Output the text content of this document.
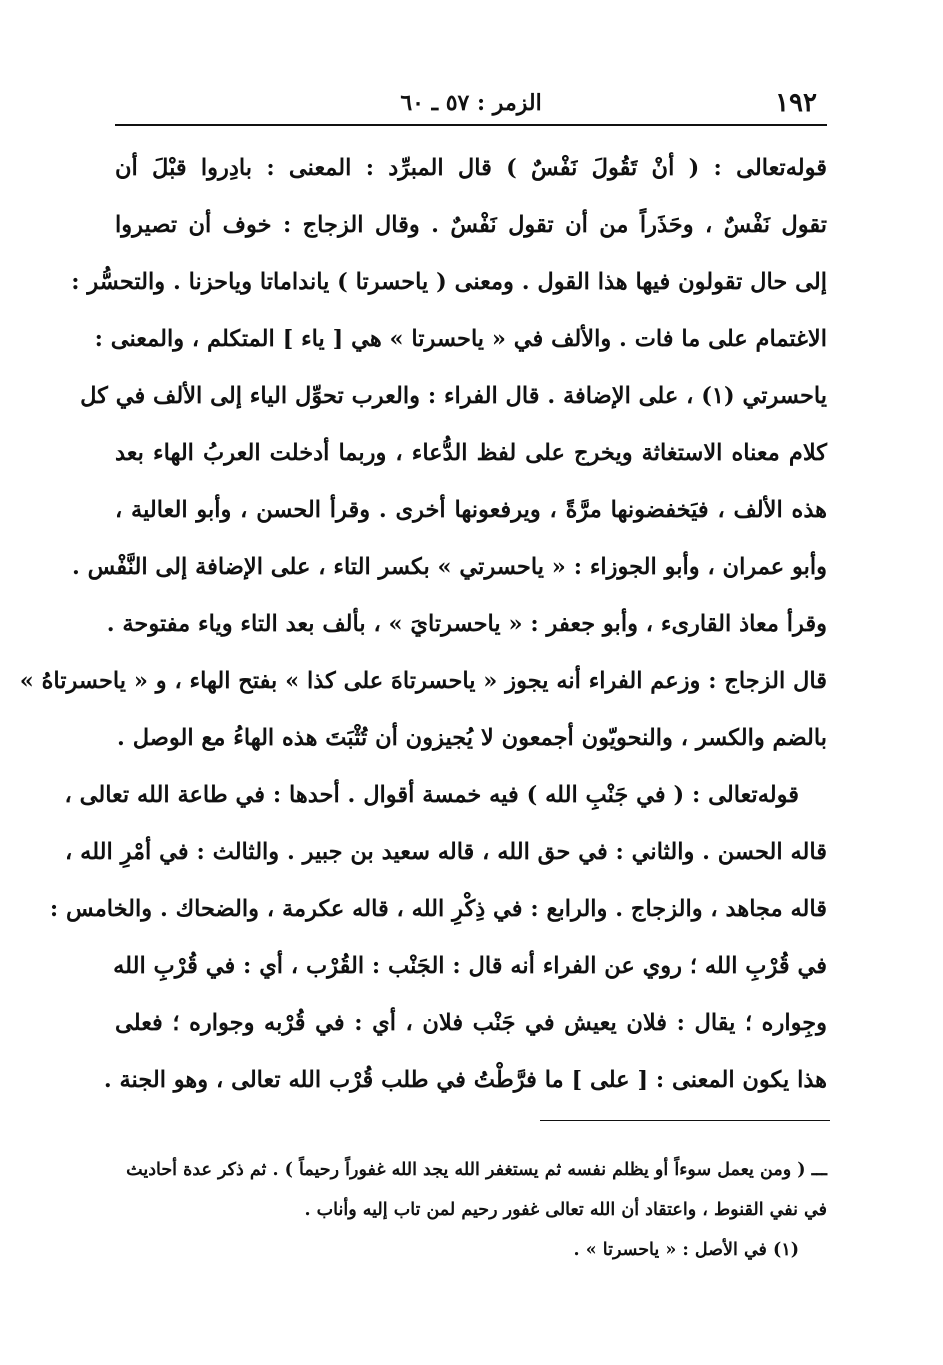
١٩٢
الزمر : ٥٧ ـ ٦٠
قوله‌تعالى : ( أنْ تَقُولَ نَفْسٌ ) قال المبرِّد : المعنى : بادِروا قبْلَ أن
تقول نَفْسٌ ، وحَذَراً من أن تقول نَفْسٌ . وقال الزجاج : خوف أن تصيروا
إلى حال تقولون فيها هذا القول . ومعنى ( ياحسرتا ) يانداماتا وياحزنا . والتحسُّر :
الاغتمام على ما فات . والألف في « ياحسرتا » هي [ ياء ] المتكلم ، والمعنى :
ياحسرتي (١) ، على الإضافة . قال الفراء : والعرب تحوِّل الياء إلى الألف في كل
كلام معناه الاستغاثة ويخرج على لفظ الدُّعاء ، وربما أدخلت العربُ الهاء بعد
هذه الألف ، فيَخفضونها مرَّةً ، ويرفعونها أخرى . وقرأ الحسن ، وأبو العالية ،
وأبو عمران ، وأبو الجوزاء : « ياحسرتي » بكسر التاء ، على الإضافة إلى النَّفْس .
وقرأ معاذ القارىء ، وأبو جعفر : « ياحسرتايَ » ، بألف بعد التاء وياء مفتوحة .
قال الزجاج : وزعم الفراء أنه يجوز « ياحسرتاهَ على كذا » بفتح الهاء ، و « ياحسرتاهُ »
بالضم والكسر ، والنحويّون أجمعون لا يُجيزون أن تُثْبَتَ هذه الهاءُ مع الوصل .
قوله‌تعالى : ( في جَنْبِ الله ) فيه خمسة أقوال . أحدها : في طاعة الله تعالى ،
قاله الحسن . والثاني : في حق الله ، قاله سعيد بن جبير . والثالث : في أمْرِ الله ،
قاله مجاهد ، والزجاج . والرابع : في ذِكْرِ الله ، قاله عكرمة ، والضحاك . والخامس :
في قُرْبِ الله ؛ روي عن الفراء أنه قال : الجَنْب : القُرْب ، أي : في قُرْبِ الله
وجِواره ؛ يقال : فلان يعيش في جَنْب فلان ، أي : في قُرْبه وجواره ؛ فعلى
هذا يكون المعنى : [ على ] ما فرَّطْتُ في طلب قُرْب الله تعالى ، وهو الجنة .
ـــ ( ومن يعمل سوءاً أو يظلم نفسه ثم يستغفر الله يجد الله غفوراً رحيماً ) . ثم ذكر عدة أحاديث
في نفي القنوط ، واعتقاد أن الله تعالى غفور رحيم لمن تاب إليه وأناب .
(١) في الأصل : « ياحسرتا » .
